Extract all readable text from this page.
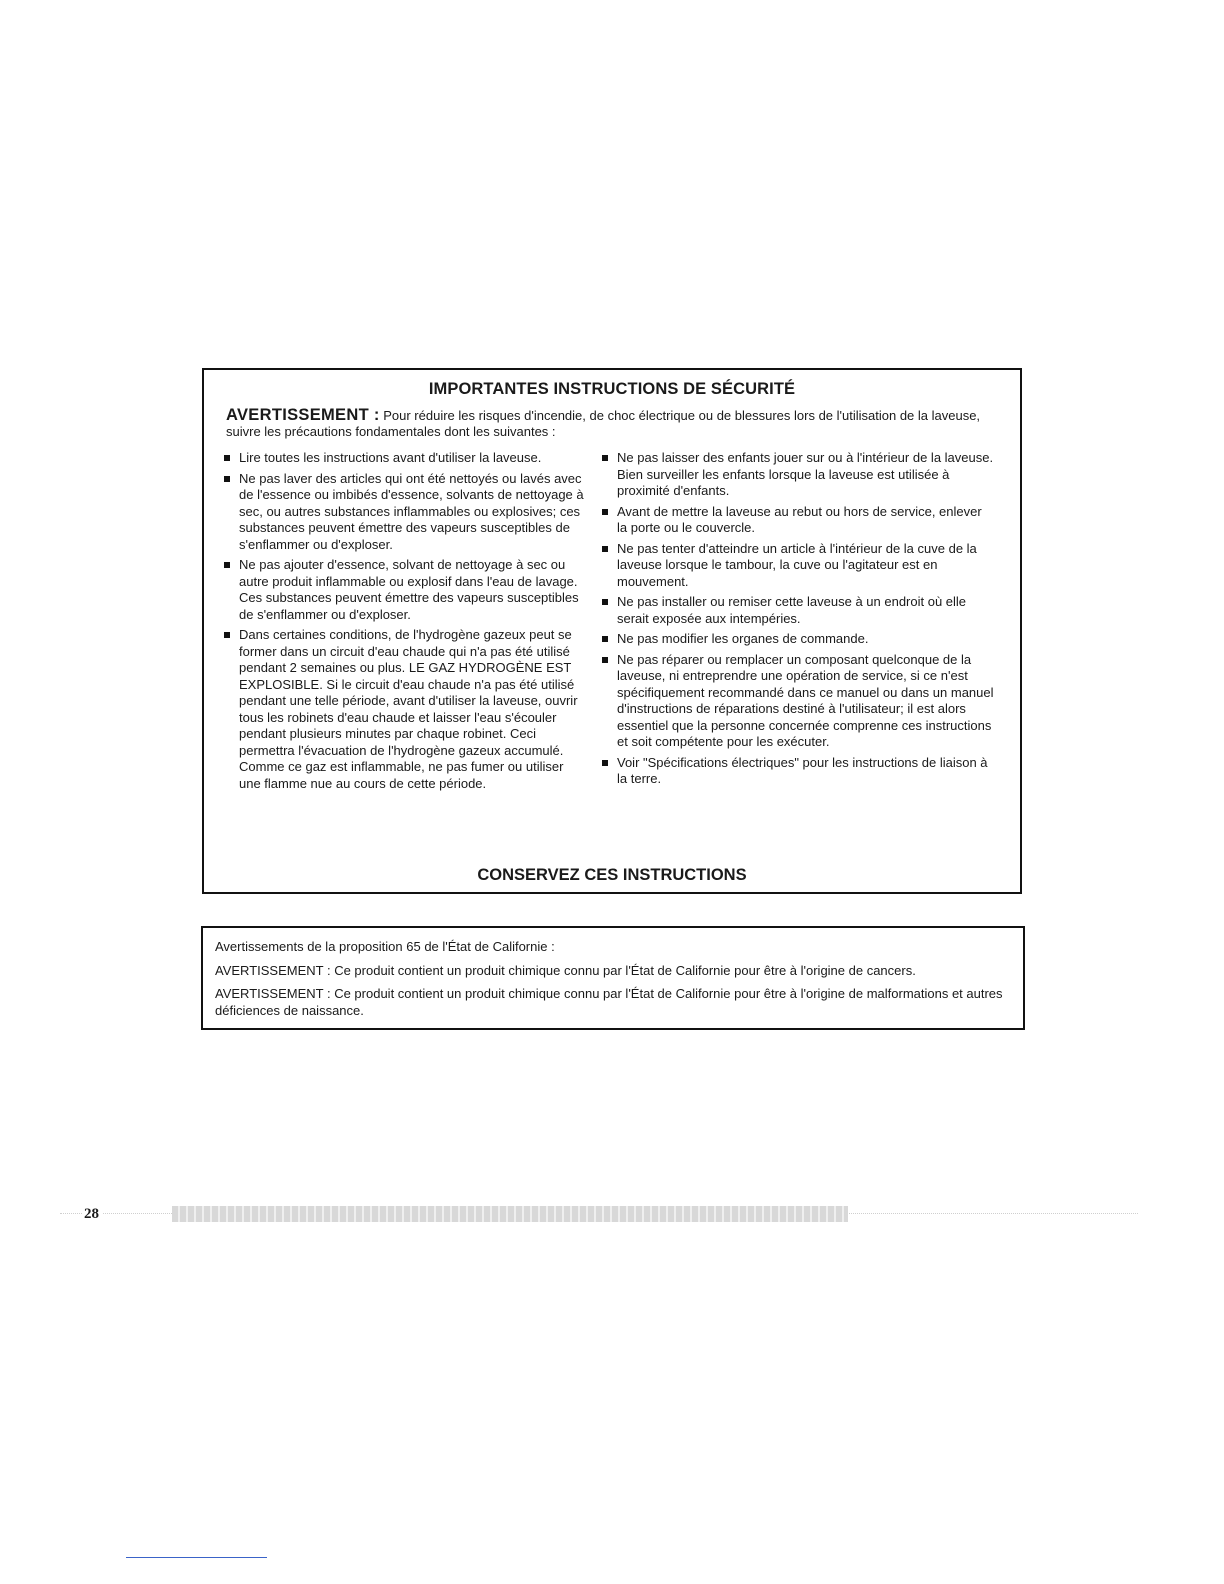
IMPORTANTES INSTRUCTIONS DE SÉCURITÉ

AVERTISSEMENT : Pour réduire les risques d'incendie, de choc électrique ou de blessures lors de l'utilisation de la laveuse, suivre les précautions fondamentales dont les suivantes :

Lire toutes les instructions avant d'utiliser la laveuse.
Ne pas laver des articles qui ont été nettoyés ou lavés avec de l'essence ou imbibés d'essence, solvants de nettoyage à sec, ou autres substances inflammables ou explosives; ces substances peuvent émettre des vapeurs susceptibles de s'enflammer ou d'exploser.
Ne pas ajouter d'essence, solvant de nettoyage à sec ou autre produit inflammable ou explosif dans l'eau de lavage. Ces substances peuvent émettre des vapeurs susceptibles de s'enflammer ou d'exploser.
Dans certaines conditions, de l'hydrogène gazeux peut se former dans un circuit d'eau chaude qui n'a pas été utilisé pendant 2 semaines ou plus. LE GAZ HYDROGÈNE EST EXPLOSIBLE. Si le circuit d'eau chaude n'a pas été utilisé pendant une telle période, avant d'utiliser la laveuse, ouvrir tous les robinets d'eau chaude et laisser l'eau s'écouler pendant plusieurs minutes par chaque robinet. Ceci permettra l'évacuation de l'hydrogène gazeux accumulé. Comme ce gaz est inflammable, ne pas fumer ou utiliser une flamme nue au cours de cette période.
Ne pas laisser des enfants jouer sur ou à l'intérieur de la laveuse. Bien surveiller les enfants lorsque la laveuse est utilisée à proximité d'enfants.
Avant de mettre la laveuse au rebut ou hors de service, enlever la porte ou le couvercle.
Ne pas tenter d'atteindre un article à l'intérieur de la cuve de la laveuse lorsque le tambour, la cuve ou l'agitateur est en mouvement.
Ne pas installer ou remiser cette laveuse à un endroit où elle serait exposée aux intempéries.
Ne pas modifier les organes de commande.
Ne pas réparer ou remplacer un composant quelconque de la laveuse, ni entreprendre une opération de service, si ce n'est spécifiquement recommandé dans ce manuel ou dans un manuel d'instructions de réparations destiné à l'utilisateur; il est alors essentiel que la personne concernée comprenne ces instructions et soit compétente pour les exécuter.
Voir "Spécifications électriques" pour les instructions de liaison à la terre.
CONSERVEZ CES INSTRUCTIONS

Avertissements de la proposition 65 de l'État de Californie :

AVERTISSEMENT : Ce produit contient un produit chimique connu par l'État de Californie pour être à l'origine de cancers.

AVERTISSEMENT : Ce produit contient un produit chimique connu par l'État de Californie pour être à l'origine de malformations et autres déficiences de naissance.

28
